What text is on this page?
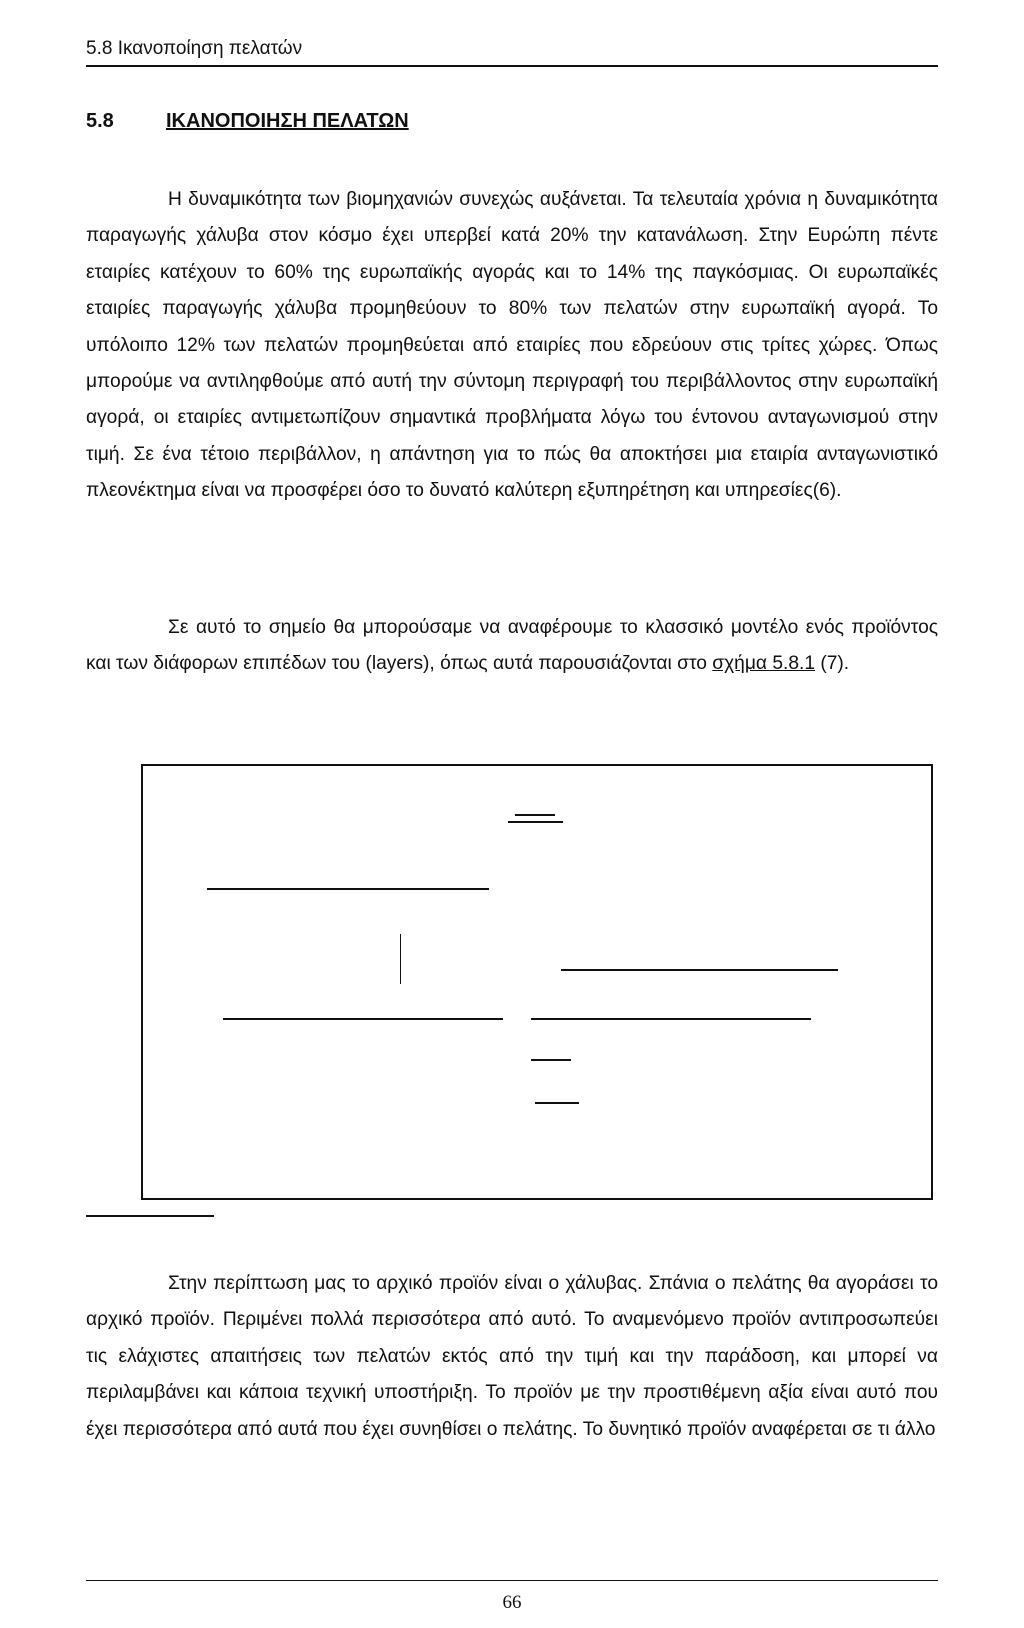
5.8 Ικανοποίηση πελατών
5.8	ΙΚΑΝΟΠΟΙΗΣΗ ΠΕΛΑΤΩΝ

Η δυναμικότητα των βιομηχανιών συνεχώς αυξάνεται. Τα τελευταία χρόνια η δυναμικότητα παραγωγής χάλυβα στον κόσμο έχει υπερβεί κατά 20% την κατανάλωση. Στην Ευρώπη πέντε εταιρίες κατέχουν το 60% της ευρωπαϊκής αγοράς και το 14% της παγκόσμιας. Οι ευρωπαϊκές εταιρίες παραγωγής χάλυβα προμηθεύουν το 80% των πελατών στην ευρωπαϊκή αγορά. Το υπόλοιπο 12% των πελατών προμηθεύεται από εταιρίες που εδρεύουν στις τρίτες χώρες. Όπως μπορούμε να αντιληφθούμε από αυτή την σύντομη περιγραφή του περιβάλλοντος στην ευρωπαϊκή αγορά, οι εταιρίες αντιμετωπίζουν σημαντικά προβλήματα λόγω του έντονου ανταγωνισμού στην τιμή. Σε ένα τέτοιο περιβάλλον, η απάντηση για το πώς θα αποκτήσει μια εταιρία ανταγωνιστικό πλεονέκτημα είναι να προσφέρει όσο το δυνατό καλύτερη εξυπηρέτηση και υπηρεσίες(6).

Σε αυτό το σημείο θα μπορούσαμε να αναφέρουμε το κλασσικό μοντέλο ενός προϊόντος και των διάφορων επιπέδων του (layers), όπως αυτά παρουσιάζονται στο σχήμα 5.8.1 (7).

Στην περίπτωση μας το αρχικό προϊόν είναι ο χάλυβας. Σπάνια ο πελάτης θα αγοράσει το αρχικό προϊόν. Περιμένει πολλά περισσότερα από αυτό. Το αναμενόμενο προϊόν αντιπροσωπεύει τις ελάχιστες απαιτήσεις των πελατών εκτός από την τιμή και την παράδοση, και μπορεί να περιλαμβάνει και κάποια τεχνική υποστήριξη. Το προϊόν με την προστιθέμενη αξία είναι αυτό που έχει περισσότερα από αυτά που έχει συνηθίσει ο πελάτης. Το δυνητικό προϊόν αναφέρεται σε τι άλλο

66
